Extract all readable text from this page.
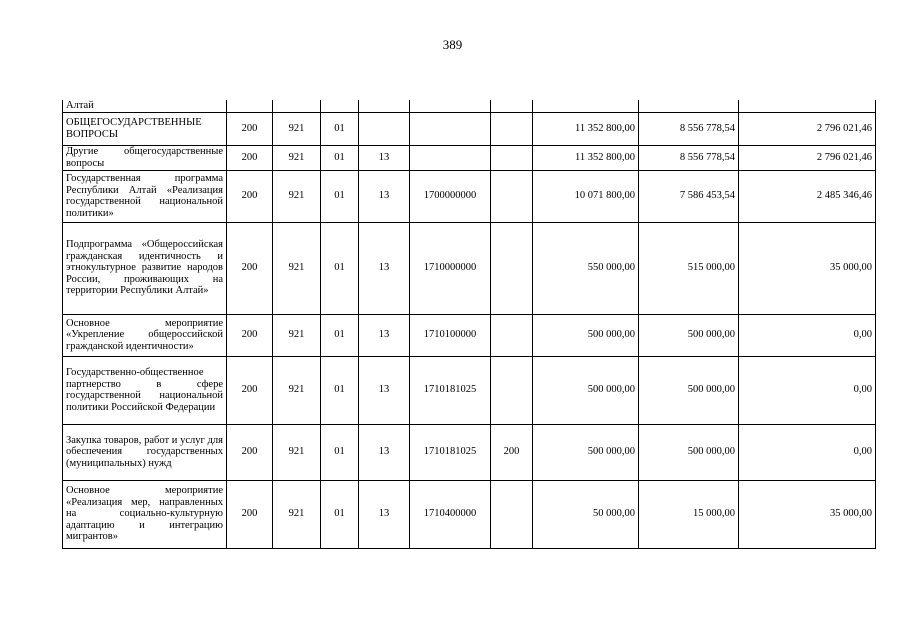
389
Алтай									
ОБЩЕГОСУДАРСТВЕННЫЕ ВОПРОСЫ	200	921	01				11 352 800,00	8 556 778,54	2 796 021,46
Другие общегосударственные вопросы	200	921	01	13			11 352 800,00	8 556 778,54	2 796 021,46
Государственная программа Республики Алтай «Реализация государственной национальной политики»	200	921	01	13	1700000000		10 071 800,00	7 586 453,54	2 485 346,46
Подпрограмма «Общероссийская гражданская идентичность и этнокультурное развитие народов России, проживающих на территории Республики Алтай»	200	921	01	13	1710000000		550 000,00	515 000,00	35 000,00
Основное мероприятие «Укрепление общероссийской гражданской идентичности»	200	921	01	13	1710100000		500 000,00	500 000,00	0,00
Государственно-общественное партнерство в сфере государственной национальной политики Российской Федерации	200	921	01	13	1710181025		500 000,00	500 000,00	0,00
Закупка товаров, работ и услуг для обеспечения государственных (муниципальных) нужд	200	921	01	13	1710181025	200	500 000,00	500 000,00	0,00
Основное мероприятие «Реализация мер, направленных на социально-культурную адаптацию и интеграцию мигрантов»	200	921	01	13	1710400000		50 000,00	15 000,00	35 000,00
